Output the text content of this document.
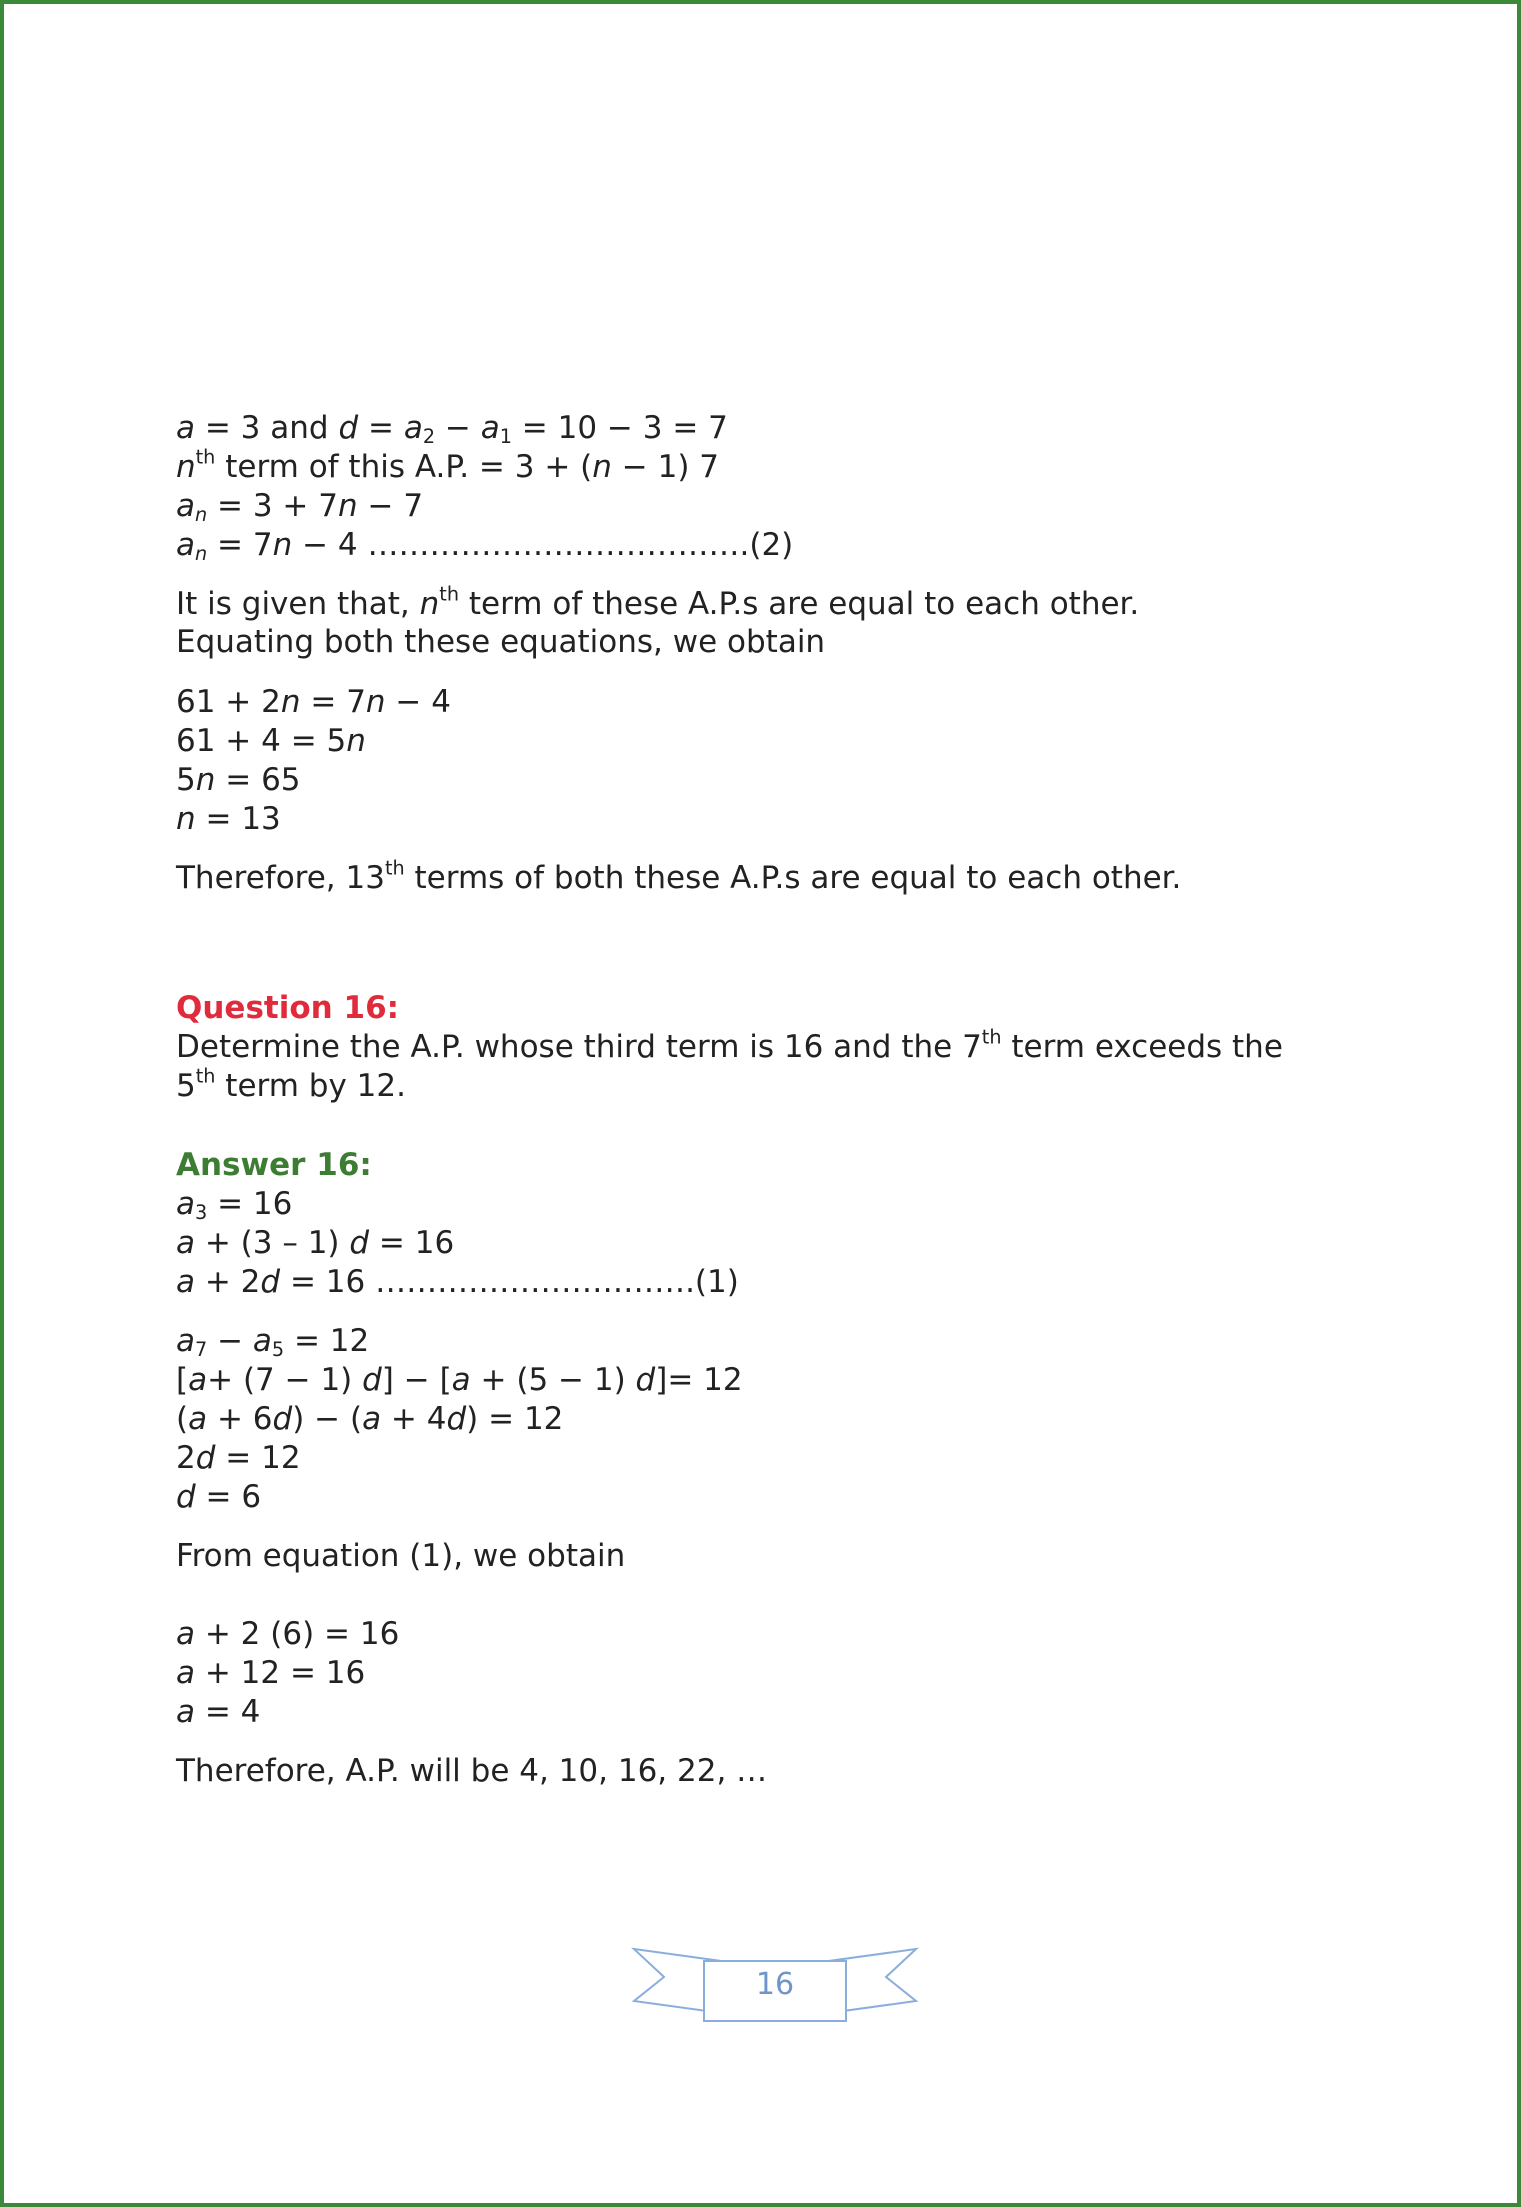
a = 3 and $d = a_2 - a_1 = 10 - 3 = 7$
$n^{th}$ term of this A.P. = 3 + (n − 1) 7
$a_n = 3 + 7n - 7$
$a_n = 7n - 4$ ……………………………….(2)
It is given that, $n^{th}$ term of these A.P.s are equal to each other.
Equating both these equations, we obtain
61 + 2n = 7n − 4
61 + 4 = 5n
5n = 65
n = 13
Therefore, 13th terms of both these A.P.s are equal to each other.
Question 16:
Determine the A.P. whose third term is 16 and the 7th term exceeds the
5th term by 12.
Answer 16:
$a_3 = 16$
a + (3 – 1) d = 16
a + 2d = 16 ………………………….(1)
$a_7 - a_5 = 12$
[a+ (7 − 1) d] − [a + (5 − 1) d]= 12
(a + 6d) − (a + 4d) = 12
2d = 12
d = 6
From equation (1), we obtain
a + 2 (6) = 16
a + 12 = 16
a = 4
Therefore, A.P. will be 4, 10, 16, 22, …
16
